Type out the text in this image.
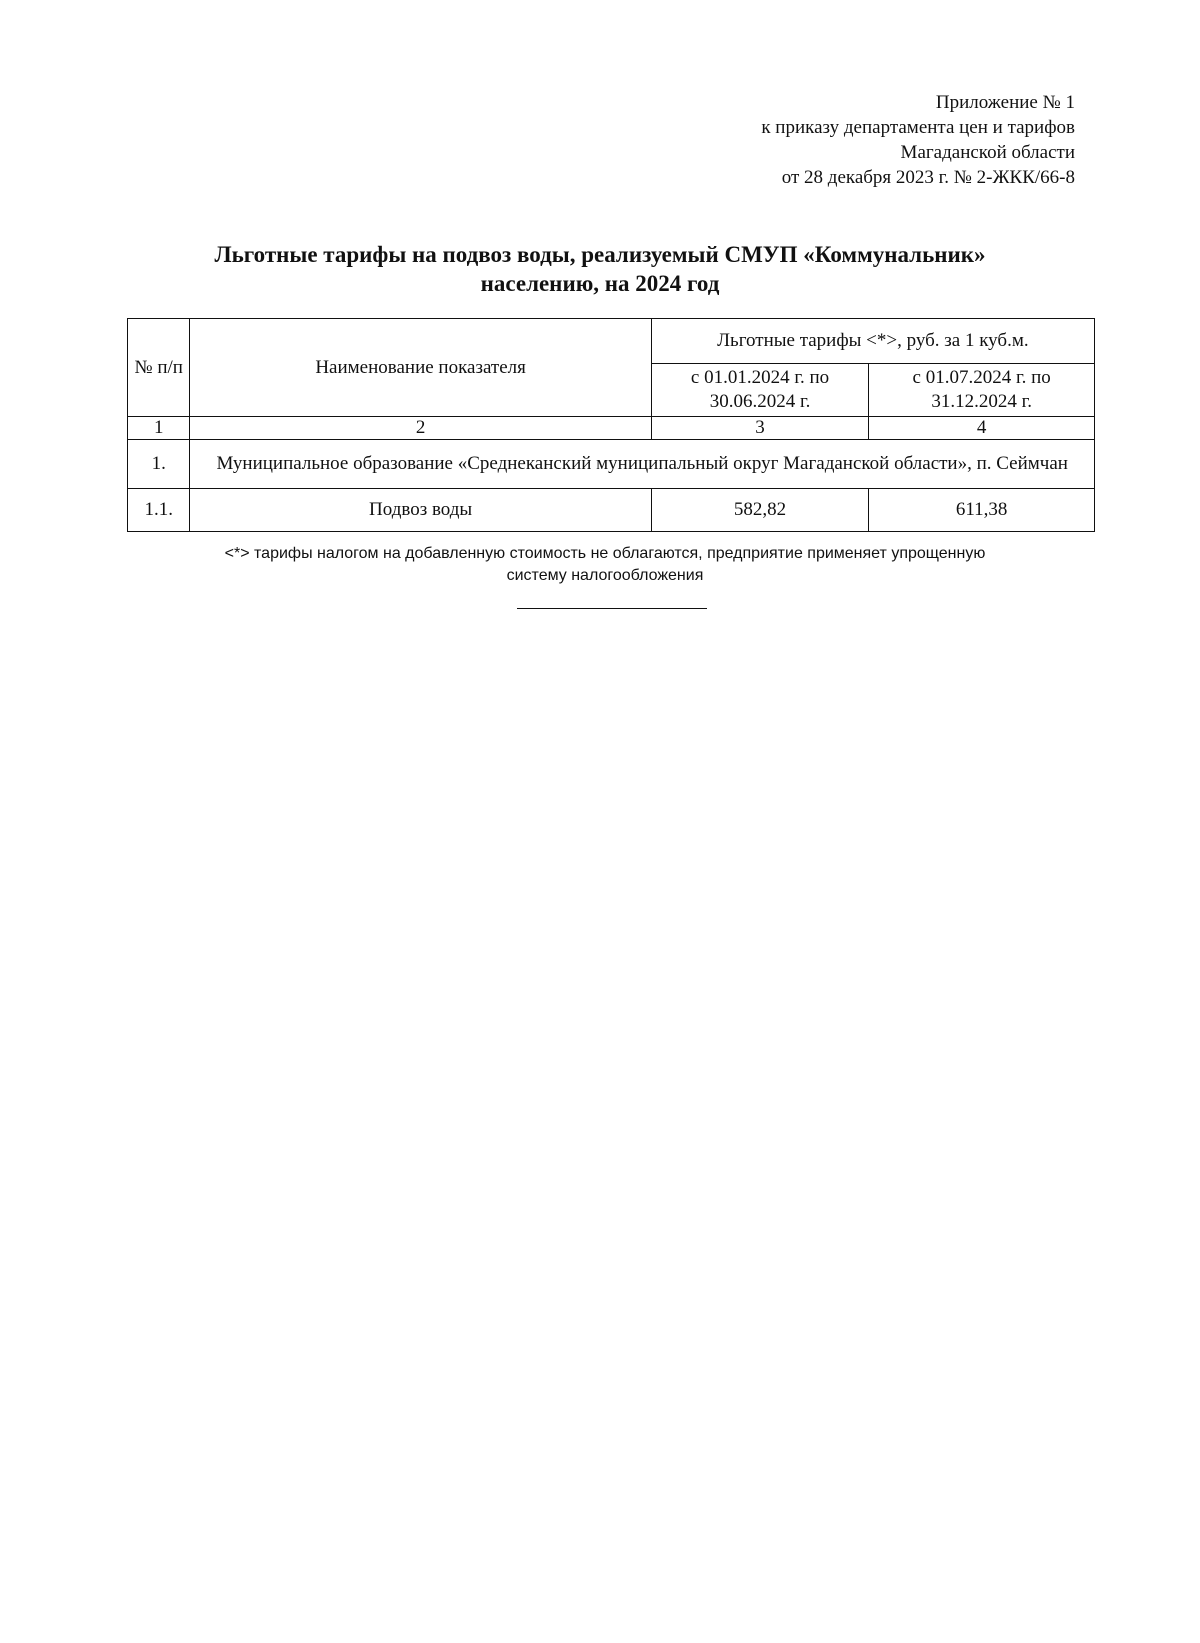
Приложение № 1
к приказу департамента цен и тарифов
Магаданской области
от 28 декабря 2023 г. № 2-ЖКК/66-8
Льготные тарифы на подвоз воды, реализуемый СМУП «Коммунальник»
населению, на 2024 год
№ п/п	Наименование показателя	Льготные тарифы <*>, руб. за 1 куб.м.	
		с 01.01.2024 г. по 30.06.2024 г.	с 01.07.2024 г. по 31.12.2024 г.
1	2	3	4
1.	Муниципальное образование «Среднеканский муниципальный округ Магаданской области», п. Сеймчан		
1.1.	Подвоз воды	582,82	611,38
<*> тарифы налогом на добавленную стоимость не облагаются, предприятие применяет упрощенную
систему налогообложения
